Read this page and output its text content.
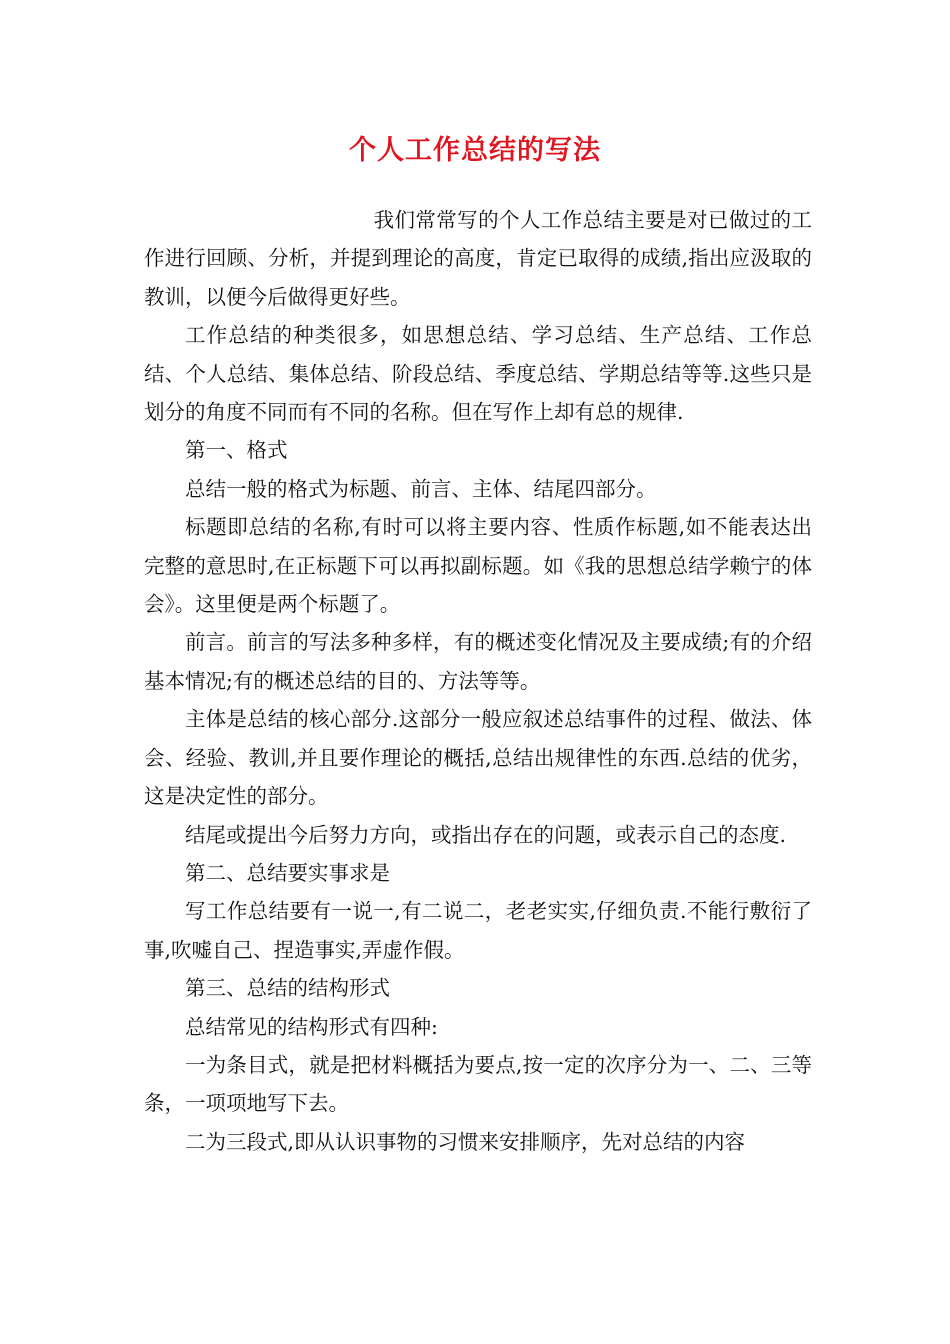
个人工作总结的写法

我们常常写的个人工作总结主要是对已做过的工作进行回顾、分析，并提到理论的高度，肯定已取得的成绩,指出应汲取的教训，以便今后做得更好些。

工作总结的种类很多，如思想总结、学习总结、生产总结、工作总结、个人总结、集体总结、阶段总结、季度总结、学期总结等等.这些只是划分的角度不同而有不同的名称。但在写作上却有总的规律.

第一、格式

总结一般的格式为标题、前言、主体、结尾四部分。

标题即总结的名称,有时可以将主要内容、性质作标题,如不能表达出完整的意思时,在正标题下可以再拟副标题。如《我的思想总结学赖宁的体会》。这里便是两个标题了。

前言。前言的写法多种多样，有的概述变化情况及主要成绩;有的介绍基本情况;有的概述总结的目的、方法等等。

主体是总结的核心部分.这部分一般应叙述总结事件的过程、做法、体会、经验、教训,并且要作理论的概括,总结出规律性的东西.总结的优劣，这是决定性的部分。

结尾或提出今后努力方向，或指出存在的问题，或表示自己的态度.

第二、总结要实事求是

写工作总结要有一说一,有二说二，老老实实,仔细负责.不能行敷衍了事,吹嘘自己、捏造事实,弄虚作假。

第三、总结的结构形式

总结常见的结构形式有四种:

一为条目式，就是把材料概括为要点,按一定的次序分为一、二、三等条，一项项地写下去。

二为三段式,即从认识事物的习惯来安排顺序，先对总结的内容
